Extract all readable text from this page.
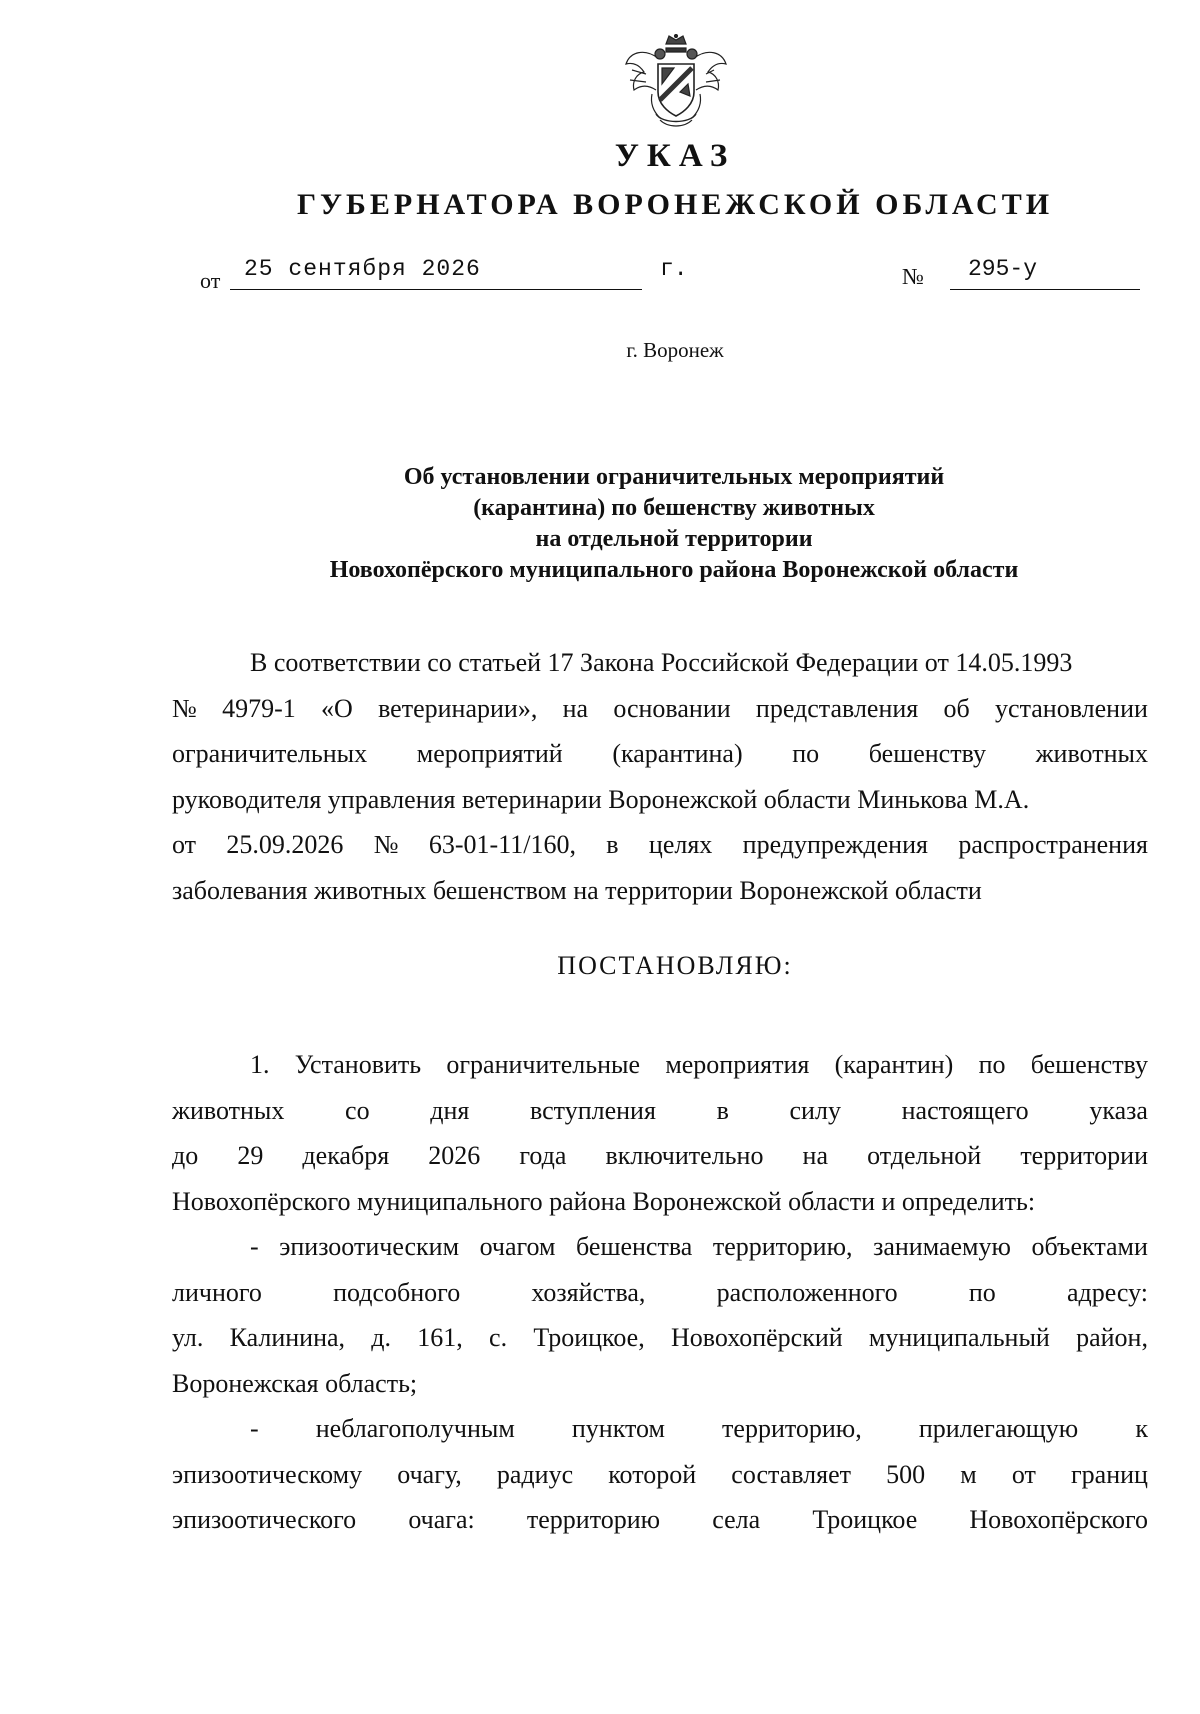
УКАЗ
ГУБЕРНАТОРА ВОРОНЕЖСКОЙ ОБЛАСТИ
от	25 сентября 2026	г.	№	295-у
г. Воронеж
Об установлении ограничительных мероприятий
(карантина) по бешенству животных
на отдельной территории
Новохопёрского муниципального района Воронежской области
В соответствии со статьей 17 Закона Российской Федерации от 14.05.1993
№ 4979-1 «О ветеринарии», на основании представления об установлении
ограничительных мероприятий (карантина) по бешенству животных
руководителя управления ветеринарии Воронежской области Минькова М.А.
от 25.09.2026 № 63-01-11/160, в целях предупреждения распространения
заболевания животных бешенством на территории Воронежской области
ПОСТАНОВЛЯЮ:
1. Установить ограничительные мероприятия (карантин) по бешенству
животных со дня вступления в силу настоящего указа
до 29 декабря 2026 года включительно на отдельной территории
Новохопёрского муниципального района Воронежской области и определить:
- эпизоотическим очагом бешенства территорию, занимаемую объектами
личного	подсобного	хозяйства,	расположенного	по	адресу:
ул. Калинина, д. 161, с. Троицкое, Новохопёрский муниципальный район,
Воронежская область;
- неблагополучным пунктом территорию, прилегающую к
эпизоотическому очагу, радиус которой составляет 500 м от границ
эпизоотического очага: территорию села Троицкое Новохопёрского
